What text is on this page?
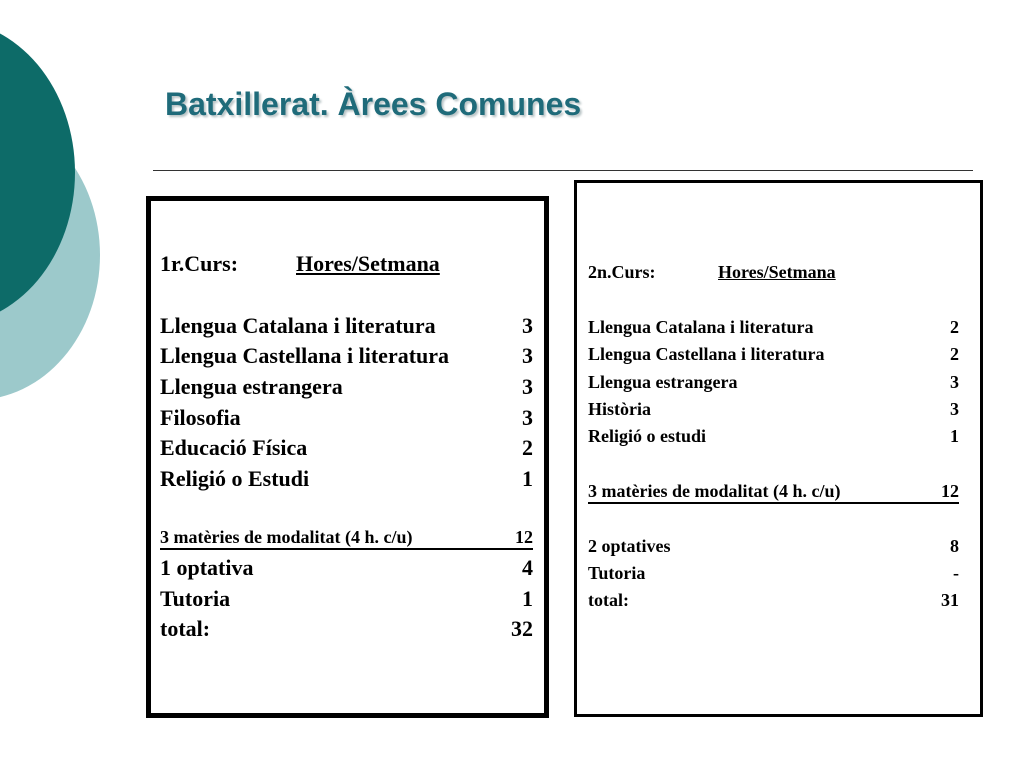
Batxillerat. Àrees Comunes
1r.Curs:	Hores/Setmana
Llengua Catalana i literatura	3
Llengua Castellana i literatura	3
Llengua estrangera	3
Filosofia	3
Educació Física	2
Religió o Estudi	1
3 matèries de modalitat (4 h. c/u)	12
1 optativa	4
Tutoria	1
total:	32
2n.Curs:	Hores/Setmana
Llengua Catalana i literatura	2
Llengua Castellana i literatura	2
Llengua estrangera	3
Història	3
Religió o estudi	1
3 matèries de modalitat (4 h. c/u)	12
2 optatives	8
Tutoria	-
total:	31
